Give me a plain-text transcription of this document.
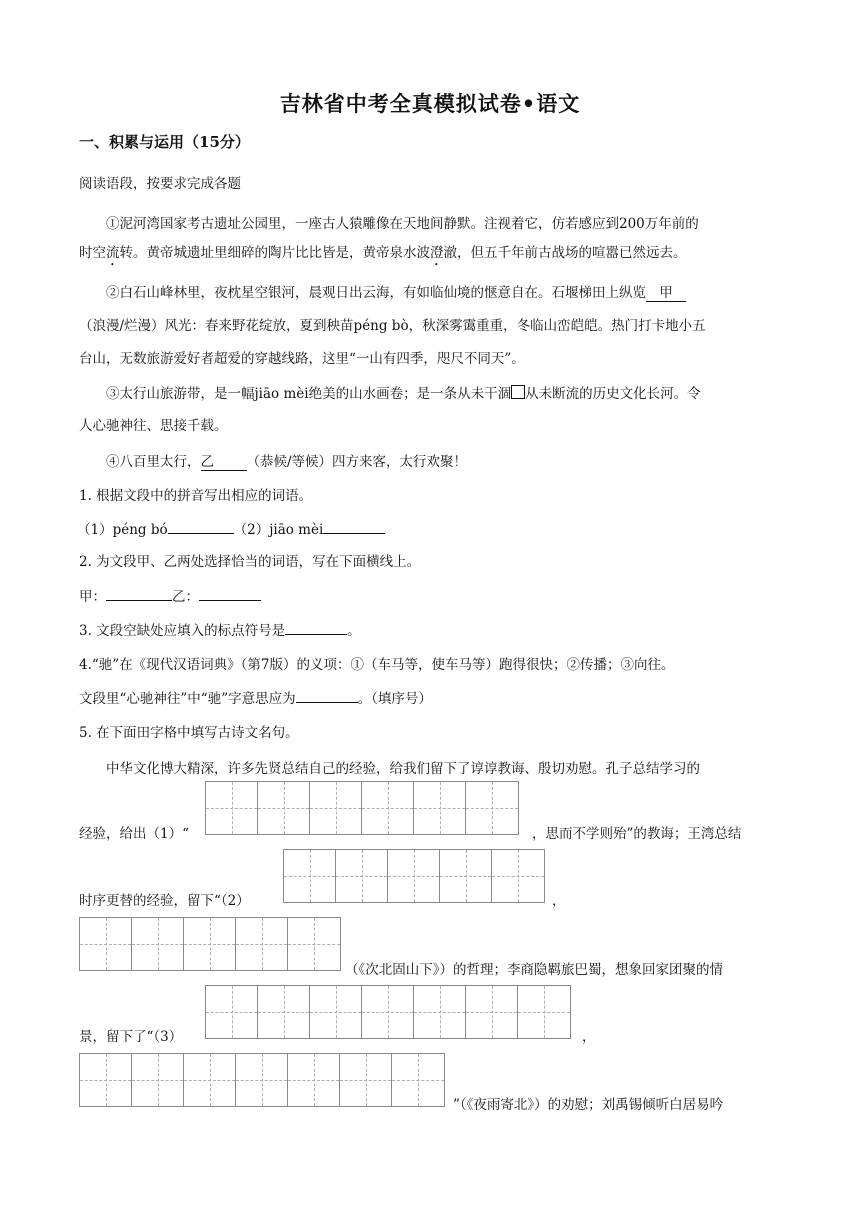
吉林省中考全真模拟试卷•语文
一、积累与运用（15分）
阅读语段，按要求完成各题
①泥河湾国家考古遗址公园里，一座古人猿雕像在天地间静默。注视着它，仿若感应到200万年前的
时空流转。黄帝城遗址里细碎的陶片比比皆是，黄帝泉水波澄澈，但五千年前古战场的喧嚣已然远去。
②白石山峰林里，夜枕星空银河，晨观日出云海，有如临仙境的惬意自在。石堰梯田上纵览 甲
（浪漫/烂漫）风光：春来野花绽放，夏到秧苗péng bò，秋深雾霭重重，冬临山峦皑皑。热门打卡地小五
台山，无数旅游爱好者超爱的穿越线路，这里“一山有四季，咫尺不同天”。
③太行山旅游带，是一幅jiāo mèi绝美的山水画卷；是一条从未干涸 从未断流的历史文化长河。令
人心驰神往、思接千载。
④八百里太行，乙 （恭候/等候）四方来客，太行欢聚！
1. 根据文段中的拼音写出相应的词语。
（1）péng bó	（2）jiāo mèi
2. 为文段甲、乙两处选择恰当的词语，写在下面横线上。
甲：	乙：
3. 文段空缺处应填入的标点符号是	。
4.“驰”在《现代汉语词典》（第7版）的义项：①（车马等，使车马等）跑得很快；②传播；③向往。
文段里“心驰神往”中“驰”字意思应为	。（填序号）
5. 在下面田字格中填写古诗文名句。
中华文化博大精深，许多先贤总结自己的经验，给我们留下了谆谆教诲、殷切劝慰。孔子总结学习的
经验，给出（1）“	，思而不学则殆”的教诲；王湾总结
时序更替的经验，留下“（2）	，
（《次北固山下》）的哲理；李商隐羁旅巴蜀，想象回家团聚的情
景，留下了“（3）	，
”（《夜雨寄北》）的劝慰；刘禹锡倾听白居易吟
